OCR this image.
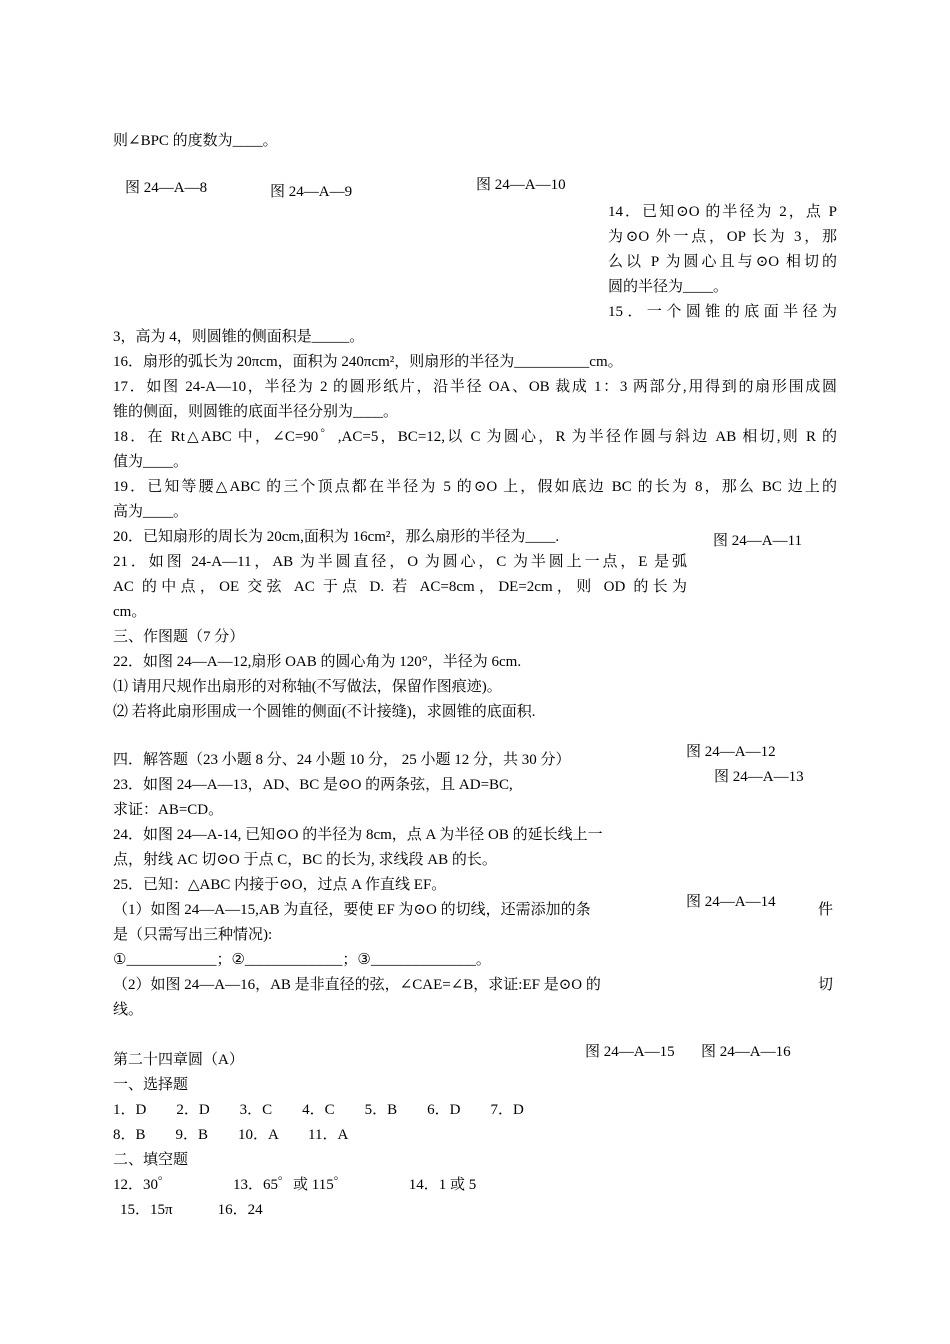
则∠BPC 的度数为____。
图 24—A—8	图 24—A—9	图 24—A—10
14．已知⊙O 的半径为 2，点 P
为⊙O 外一点，OP 长为 3，那
么以 P 为圆心且与⊙O 相切的
圆的半径为____。
15．一个圆锥的底面半径为
3，高为 4，则圆锥的侧面积是_____。
16．扇形的弧长为 20πcm，面积为 240πcm²，则扇形的半径为__________cm。
17．如图 24-A—10，半径为 2 的圆形纸片，沿半径 OA、OB 裁成 1：3 两部分,用得到的扇形围成圆
锥的侧面，则圆锥的底面半径分别为____。
18．在 Rt△ABC 中，∠C=90゜,AC=5，BC=12,以 C 为圆心，R 为半径作圆与斜边 AB 相切,则 R 的
值为____。
19．已知等腰△ABC 的三个顶点都在半径为 5 的⊙O 上，假如底边 BC 的长为 8，那么 BC 边上的
高为____。
20．已知扇形的周长为 20cm,面积为 16cm²，那么扇形的半径为____.	图 24—A—11
21．如图 24-A—11，AB 为半圆直径，O 为圆心，C 为半圆上一点，E 是弧
AC 的中点，OE 交弦 AC 于点 D. 若 AC=8cm，DE=2cm，则 OD 的长为
cm。
三、作图题（7 分）
22．如图 24—A—12,扇形 OAB 的圆心角为 120°，半径为 6cm.
⑴ 请用尺规作出扇形的对称轴(不写做法，保留作图痕迹)。
⑵ 若将此扇形围成一个圆锥的侧面(不计接缝)，求圆锥的底面积.
四．解答题（23 小题 8 分、24 小题 10 分， 25 小题 12 分，共 30 分）	图 24—A—12
图 24—A—13
23．如图 24—A—13，AD、BC 是⊙O 的两条弦，且 AD=BC,
求证：AB=CD。
24．如图 24—A-14, 已知⊙O 的半径为 8cm，点 A 为半径 OB 的延长线上一
点，射线 AC 切⊙O 于点 C，BC 的长为, 求线段 AB 的长。
25．已知：△ABC 内接于⊙O，过点 A 作直线 EF。
图 24—A—14
（1）如图 24—A—15,AB 为直径，要使 EF 为⊙O 的切线，还需添加的条	件
是（只需写出三种情况):
①____________；②_____________；③______________。
（2）如图 24—A—16，AB 是非直径的弦，∠CAE=∠B，求证:EF 是⊙O 的	切
线。
图 24—A—15 图 24—A—16
第二十四章圆（A）
一、选择题
1．D　　2．D　　3．C　　4．C　　5．B　　6．D　　7．D
8．B　　9．B　　10．A　　11．A
二、填空题
12．30゜　　　　13．65゜或 115゜　　　　14．1 或 5
15．15π　　　16．24
